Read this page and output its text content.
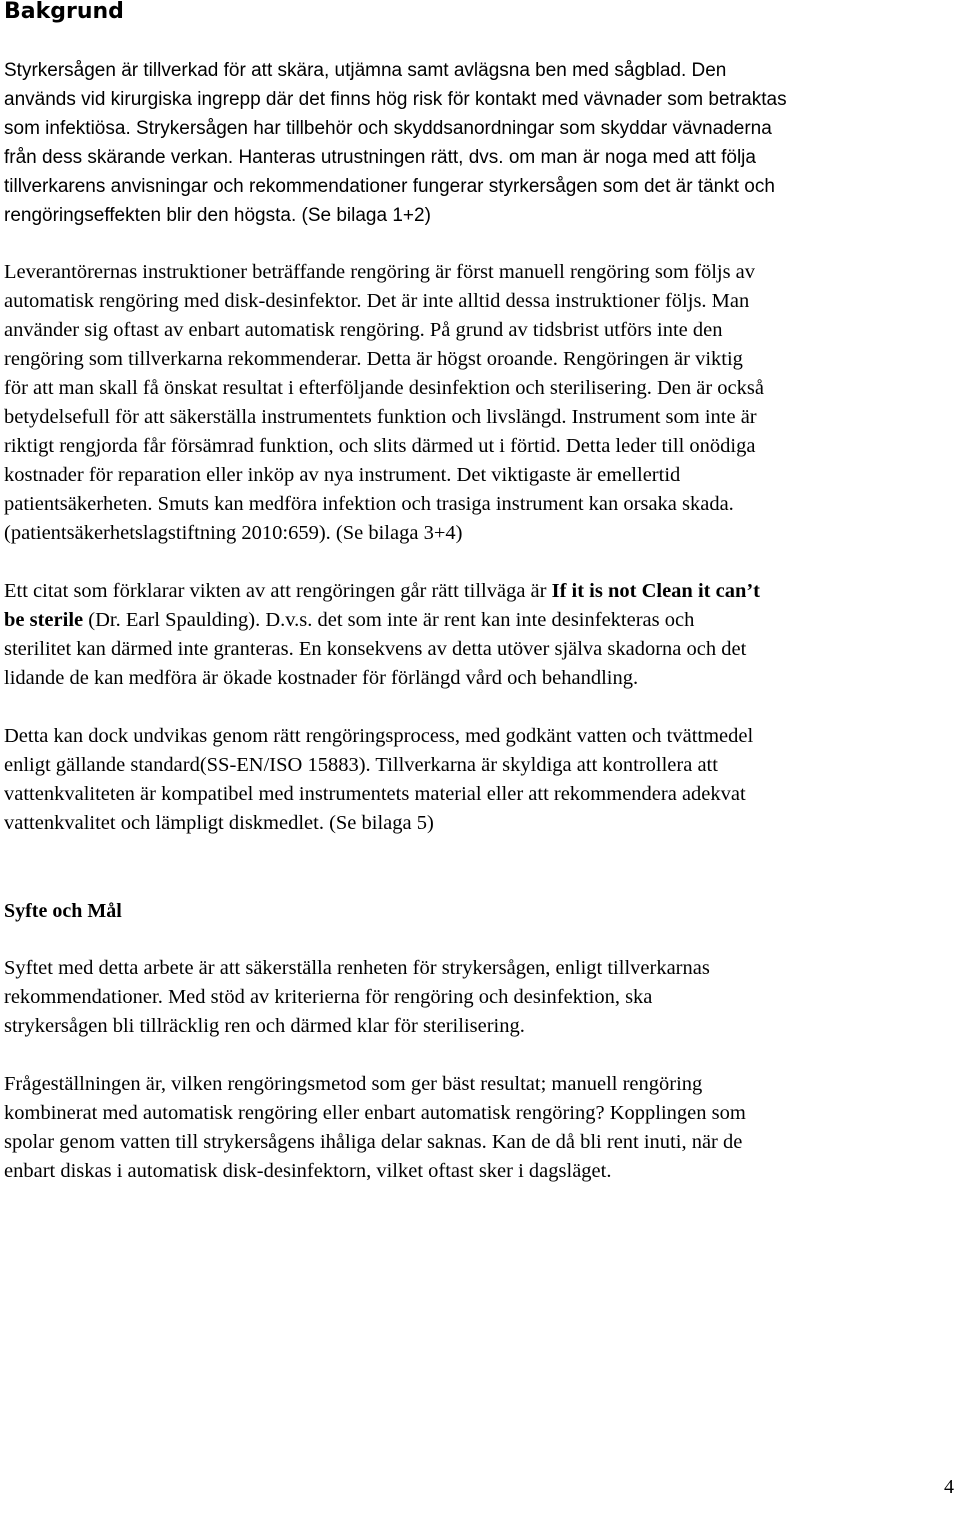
Bakgrund

Styrkersågen är tillverkad för att skära, utjämna samt avlägsna ben med sågblad. Den
används vid kirurgiska ingrepp där det finns hög risk för kontakt med vävnader som betraktas
som infektiösa. Strykersågen har tillbehör och skyddsanordningar som skyddar vävnaderna
från dess skärande verkan. Hanteras utrustningen rätt, dvs. om man är noga med att följa
tillverkarens anvisningar och rekommendationer fungerar styrkersågen som det är tänkt och
rengöringseffekten blir den högsta. (Se bilaga 1+2)

Leverantörernas instruktioner beträffande rengöring är först manuell rengöring som följs av
automatisk rengöring med disk-desinfektor. Det är inte alltid dessa instruktioner följs. Man
använder sig oftast av enbart automatisk rengöring. På grund av tidsbrist utförs inte den
rengöring som tillverkarna rekommenderar. Detta är högst oroande. Rengöringen är viktig
för att man skall få önskat resultat i efterföljande desinfektion och sterilisering. Den är också
betydelsefull för att säkerställa instrumentets funktion och livslängd. Instrument som inte är
riktigt rengjorda får försämrad funktion, och slits därmed ut i förtid. Detta leder till onödiga
kostnader för reparation eller inköp av nya instrument. Det viktigaste är emellertid
patientsäkerheten. Smuts kan medföra infektion och trasiga instrument kan orsaka skada.
(patientsäkerhetslagstiftning 2010:659). (Se bilaga 3+4)

Ett citat som förklarar vikten av att rengöringen går rätt tillväga är If it is not Clean it can’t
be sterile (Dr. Earl Spaulding). D.v.s. det som inte är rent kan inte desinfekteras och
sterilitet kan därmed inte granteras. En konsekvens av detta utöver själva skadorna och det
lidande de kan medföra är ökade kostnader för förlängd vård och behandling.

Detta kan dock undvikas genom rätt rengöringsprocess, med godkänt vatten och tvättmedel
enligt gällande standard(SS-EN/ISO 15883). Tillverkarna är skyldiga att kontrollera att
vattenkvaliteten är kompatibel med instrumentets material eller att rekommendera adekvat
vattenkvalitet och lämpligt diskmedlet. (Se bilaga 5)

Syfte och Mål

Syftet med detta arbete är att säkerställa renheten för strykersågen, enligt tillverkarnas
rekommendationer. Med stöd av kriterierna för rengöring och desinfektion, ska
strykersågen bli tillräcklig ren och därmed klar för sterilisering.

Frågeställningen är, vilken rengöringsmetod som ger bäst resultat; manuell rengöring
kombinerat med automatisk rengöring eller enbart automatisk rengöring? Kopplingen som
spolar genom vatten till strykersågens ihåliga delar saknas. Kan de då bli rent inuti, när de
enbart diskas i automatisk disk-desinfektorn, vilket oftast sker i dagsläget.

4
